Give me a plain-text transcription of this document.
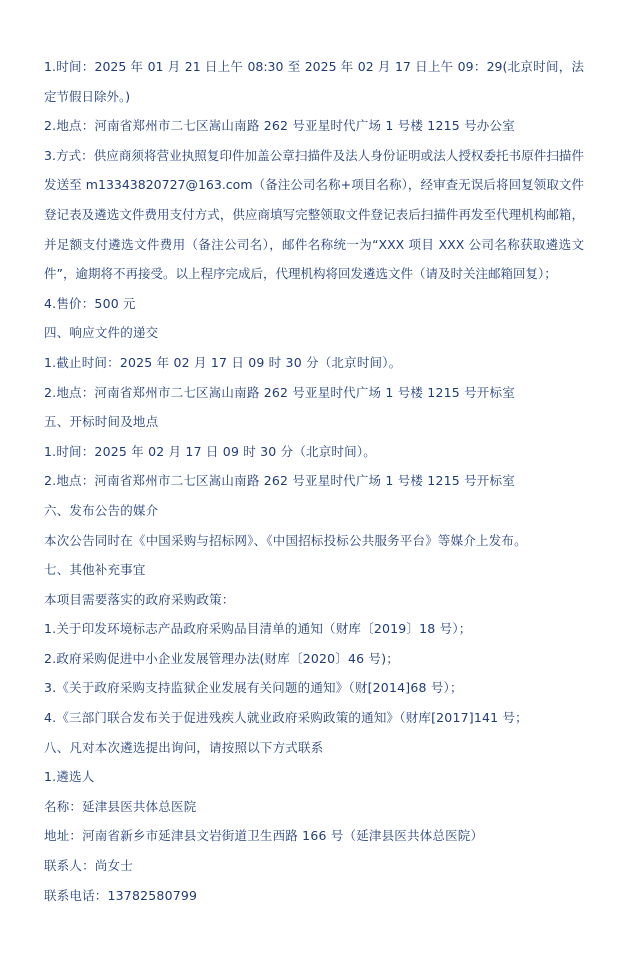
1.时间：2025 年 01 月 21 日上午 08:30 至 2025 年 02 月 17 日上午 09：29(北京时间，法定节假日除外。)
2.地点：河南省郑州市二七区嵩山南路 262 号亚星时代广场 1 号楼 1215 号办公室
3.方式：供应商须将营业执照复印件加盖公章扫描件及法人身份证明或法人授权委托书原件扫描件发送至 m13343820727@163.com（备注公司名称+项目名称），经审查无误后将回复领取文件登记表及遴选文件费用支付方式，供应商填写完整领取文件登记表后扫描件再发至代理机构邮箱，并足额支付遴选文件费用（备注公司名），邮件名称统一为“XXX 项目 XXX 公司名称获取遴选文件”，逾期将不再接受。以上程序完成后，代理机构将回发遴选文件（请及时关注邮箱回复）；
4.售价：500 元
四、响应文件的递交
1.截止时间：2025 年 02 月 17 日 09 时 30 分（北京时间）。
2.地点：河南省郑州市二七区嵩山南路 262 号亚星时代广场 1 号楼 1215 号开标室
五、开标时间及地点
1.时间：2025 年 02 月 17 日 09 时 30 分（北京时间）。
2.地点：河南省郑州市二七区嵩山南路 262 号亚星时代广场 1 号楼 1215 号开标室
六、发布公告的媒介
本次公告同时在《中国采购与招标网》、《中国招标投标公共服务平台》等媒介上发布。
七、其他补充事宜
本项目需要落实的政府采购政策：
1.关于印发环境标志产品政府采购品目清单的通知（财库〔2019〕18 号）；
2.政府采购促进中小企业发展管理办法(财库〔2020〕46 号)；
3.《关于政府采购支持监狱企业发展有关问题的通知》（财[2014]68 号）；
4.《三部门联合发布关于促进残疾人就业政府采购政策的通知》（财库[2017]141 号；
八、凡对本次遴选提出询问，请按照以下方式联系
1.遴选人
名称：延津县医共体总医院
地址：河南省新乡市延津县文岩街道卫生西路 166 号（延津县医共体总医院）
联系人：尚女士
联系电话：13782580799
